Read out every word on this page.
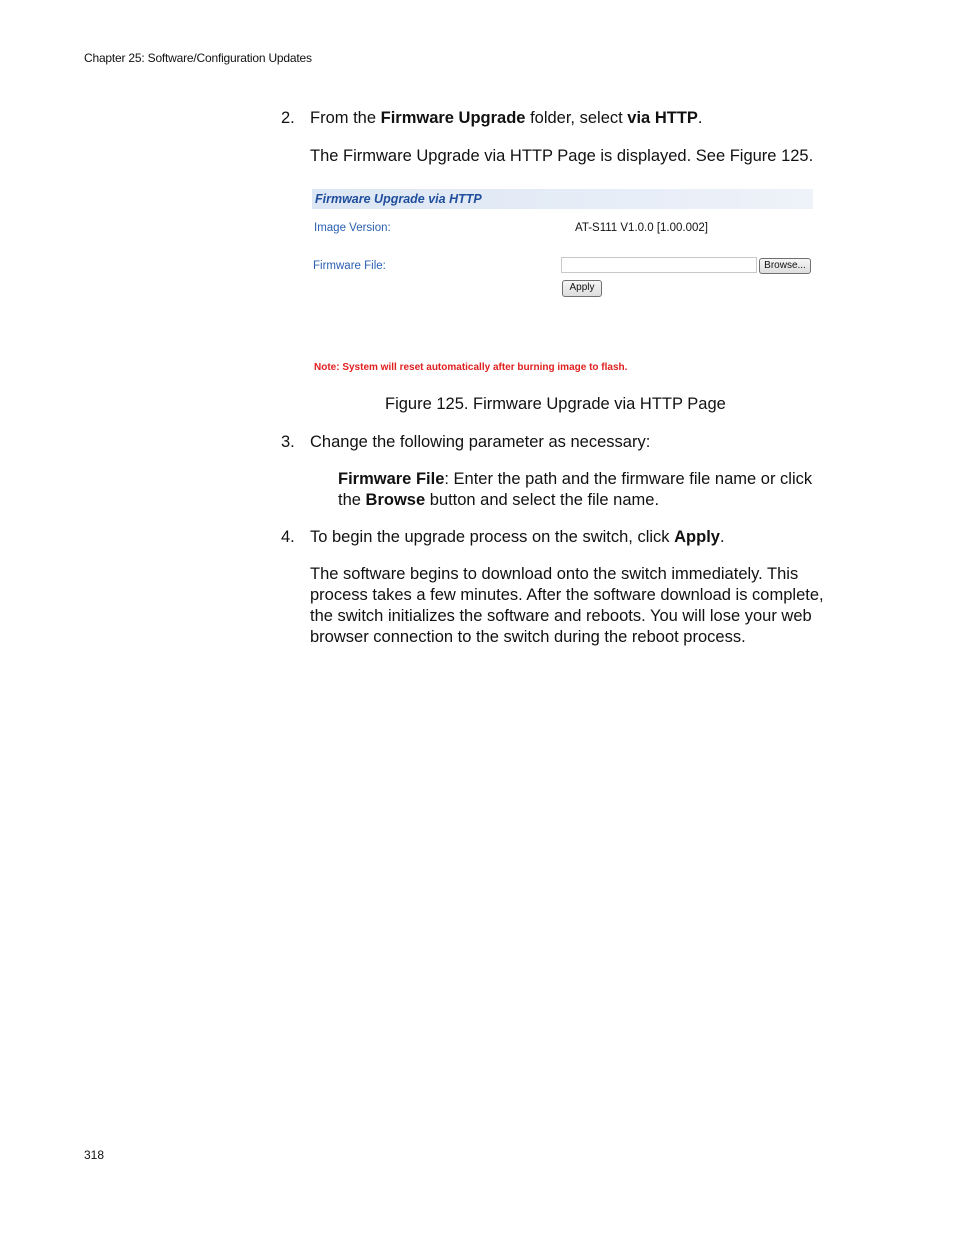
Chapter 25: Software/Configuration Updates
2. From the Firmware Upgrade folder, select via HTTP.
The Firmware Upgrade via HTTP Page is displayed. See Figure 125.
Firmware Upgrade via HTTP
Image Version:	AT-S111 V1.0.0 [1.00.002]
Firmware File:	Browse...
Apply
Note: System will reset automatically after burning image to flash.
Figure 125. Firmware Upgrade via HTTP Page
3. Change the following parameter as necessary:
Firmware File: Enter the path and the firmware file name or click the Browse button and select the file name.
4. To begin the upgrade process on the switch, click Apply.
The software begins to download onto the switch immediately. This process takes a few minutes. After the software download is complete, the switch initializes the software and reboots. You will lose your web browser connection to the switch during the reboot process.
318
